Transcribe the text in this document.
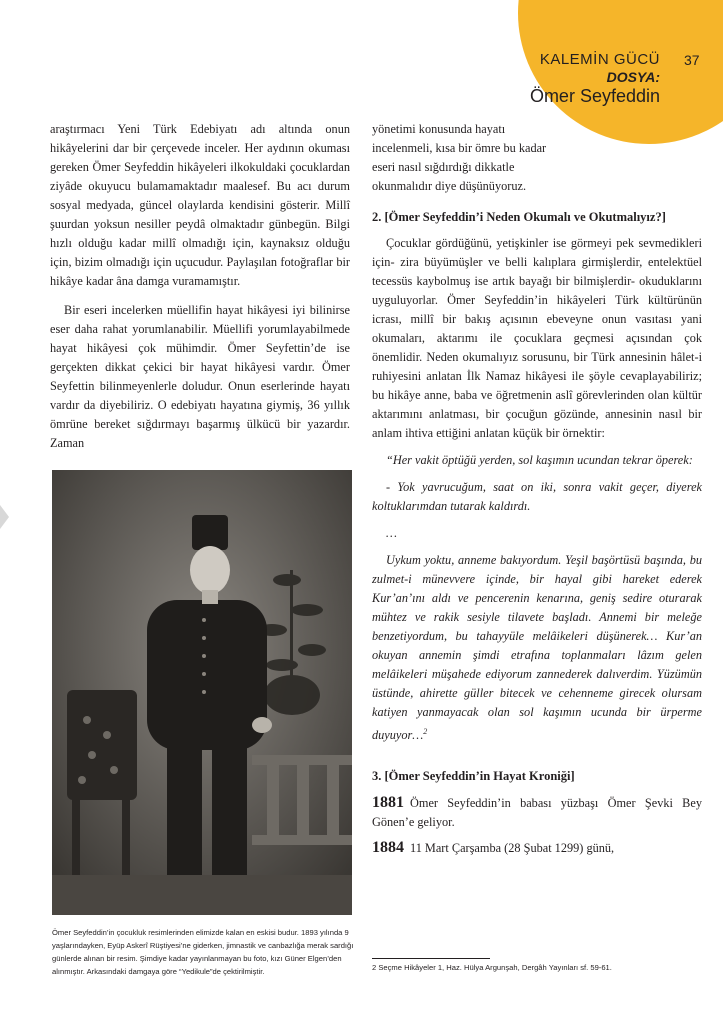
KALEMİN GÜCÜ
DOSYA:
Ömer Seyfeddin
37

araştırmacı Yeni Türk Edebiyatı adı altında onun hikâyelerini dar bir çerçevede inceler. Her aydının okuması gereken Ömer Seyfeddin hikâyeleri ilkokuldaki çocuklardan ziyâde okuyucu bulamamaktadır maalesef. Bu acı durum sosyal medyada, güncel olaylarda kendisini gösterir. Millî şuurdan yoksun nesiller peydâ olmaktadır günbegün. Bilgi hızlı olduğu kadar millî olmadığı için, kaynaksız olduğu için, bizim olmadığı için uçucudur. Paylaşılan fotoğraflar bir hikâye kadar âna damga vuramamıştır.

Bir eseri incelerken müellifin hayat hikâyesi iyi bilinirse eser daha rahat yorumlanabilir. Müellifi yorumlayabilmede hayat hikâyesi çok mühimdir. Ömer Seyfettin’de ise gerçekten dikkat çekici bir hayat hikâyesi vardır. Ömer Seyfettin bilinmeyenlerle doludur. Onun eserlerinde hayatı vardır da diyebiliriz. O edebiyatı hayatına giymiş, 36 yıllık ömrüne bereket sığdırmayı başarmış ülkücü bir yazardır. Zaman

Ömer Seyfeddin’in çocukluk resimlerinden elimizde kalan en eskisi budur. 1893 yılında 9 yaşlarındayken, Eyüp Askerî Rüştiyesi’ne giderken, jimnastik ve canbazlığa merak sardığı günlerde alınan bir resim. Şimdiye kadar yayınlanmayan bu foto, kızı Güner Elgen’den alınmıştır. Arkasındaki damgaya göre “Yedikule”de çektirilmiştir.

yönetimi konusunda hayatı incelenmeli, kısa bir ömre bu kadar eseri nasıl sığdırdığı dikkatle okunmalıdır diye düşünüyoruz.

2. [Ömer Seyfeddin’i Neden Okumalı ve Okutmalıyız?]

Çocuklar gördüğünü, yetişkinler ise görmeyi pek sevmedikleri için- zira büyümüşler ve belli kalıplara girmişlerdir, entelektüel tecessüs kaybolmuş ise artık bayağı bir bilmişlerdir- okuduklarını uyguluyorlar. Ömer Seyfeddin’in hikâyeleri Türk kültürünün icrası, millî bir bakış açısının ebeveyne onun vasıtası yani okumaları, aktarımı ile çocuklara geçmesi açısından çok önemlidir. Neden okumalıyız sorusunu, bir Türk annesinin hâlet-i ruhiyesini anlatan İlk Namaz hikâyesi ile şöyle cevaplayabiliriz; bu hikâye anne, baba ve öğretmenin aslî görevlerinden olan kültür aktarımını anlatması, bir çocuğun gözünde, annesinin nasıl bir anlam ihtiva ettiğini anlatan küçük bir örnektir:

“Her vakit öptüğü yerden, sol kaşımın ucundan tekrar öperek:

- Yok yavrucuğum, saat on iki, sonra vakit geçer, diyerek koltuklarımdan tutarak kaldırdı.

…

Uykum yoktu, anneme bakıyordum. Yeşil başörtüsü başında, bu zulmet-i münevvere içinde, bir hayal gibi hareket ederek Kur’an’ını aldı ve pencerenin kenarına, geniş sedire oturarak mühtez ve rakik sesiyle tilavete başladı. Annemi bir meleğe benzetiyordum, bu tahayyüle melâikeleri düşünerek… Kur’an okuyan annemin şimdi etrafına toplanmaları lâzım gelen melâikeleri müşahede ediyorum zannederek dalıverdim. Yüzümün üstünde, ahirette güller bitecek ve cehenneme girecek olursam katiyen yanmayacak olan sol kaşımın ucunda bir ürperme duyuyor…$^2$

3. [Ömer Seyfeddin’in Hayat Kroniği]

1881 Ömer Seyfeddin’in babası yüzbaşı Ömer Şevki Bey Gönen’e geliyor.

1884 11 Mart Çarşamba (28 Şubat 1299) günü,

2 Seçme Hikâyeler 1, Haz. Hülya Argunşah, Dergâh Yayınları sf. 59-61.
